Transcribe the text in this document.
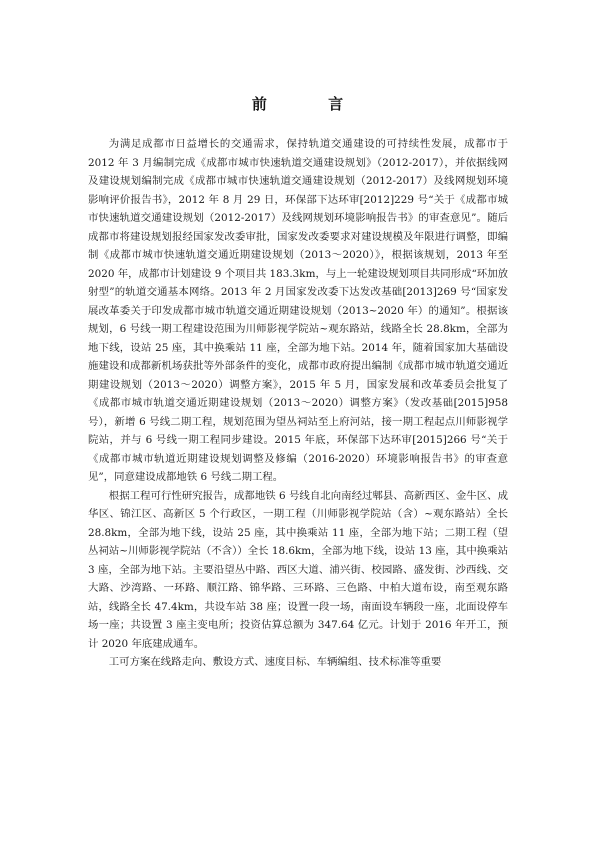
前 言

为满足成都市日益增长的交通需求，保持轨道交通建设的可持续性发展，成都市于 2012 年 3 月编制完成《成都市城市快速轨道交通建设规划》（2012-2017），并依据线网及建设规划编制完成《成都市城市快速轨道交通建设规划（2012-2017）及线网规划环境影响评价报告书》，2012 年 8 月 29 日，环保部下达环审[2012]229 号“关于《成都市城市快速轨道交通建设规划（2012-2017）及线网规划环境影响报告书》的审查意见”。随后成都市将建设规划报经国家发改委审批，国家发改委要求对建设规模及年限进行调整，即编制《成都市城市快速轨道交通近期建设规划（2013～2020）》，根据该规划，2013 年至 2020 年，成都市计划建设 9 个项目共 183.3km，与上一轮建设规划项目共同形成“环加放射型”的轨道交通基本网络。2013 年 2 月国家发改委下达发改基础[2013]269 号“国家发展改革委关于印发成都市城市轨道交通近期建设规划（2013~2020 年）的通知”。根据该规划，6 号线一期工程建设范围为川师影视学院站~观东路站，线路全长 28.8km，全部为地下线，设站 25 座，其中换乘站 11 座，全部为地下站。2014 年，随着国家加大基础设施建设和成都新机场获批等外部条件的变化，成都市政府提出编制《成都市城市轨道交通近期建设规划（2013～2020）调整方案》，2015 年 5 月，国家发展和改革委员会批复了《成都市城市轨道交通近期建设规划（2013～2020）调整方案》（发改基础[2015]958 号），新增 6 号线二期工程，规划范围为望丛祠站至上府河站，接一期工程起点川师影视学院站，并与 6 号线一期工程同步建设。2015 年底，环保部下达环审[2015]266 号“关于《成都市城市轨道近期建设规划调整及修编（2016-2020）环境影响报告书》的审查意见”，同意建设成都地铁 6 号线二期工程。

根据工程可行性研究报告，成都地铁 6 号线自北向南经过郫县、高新西区、金牛区、成华区、锦江区、高新区 5 个行政区，一期工程（川师影视学院站（含）~观东路站）全长 28.8km，全部为地下线，设站 25 座，其中换乘站 11 座，全部为地下站；二期工程（望丛祠站~川师影视学院站（不含））全长 18.6km，全部为地下线，设站 13 座，其中换乘站 3 座，全部为地下站。主要沿望丛中路、西区大道、浦兴街、校园路、盛发街、沙西线、交大路、沙湾路、一环路、顺江路、锦华路、三环路、三色路、中柏大道布设，南至观东路站，线路全长 47.4km，共设车站 38 座；设置一段一场，南面设车辆段一座，北面设停车场一座；共设置 3 座主变电所；投资估算总额为 347.64 亿元。计划于 2016 年开工，预计 2020 年底建成通车。

工可方案在线路走向、敷设方式、速度目标、车辆编组、技术标准等重要
